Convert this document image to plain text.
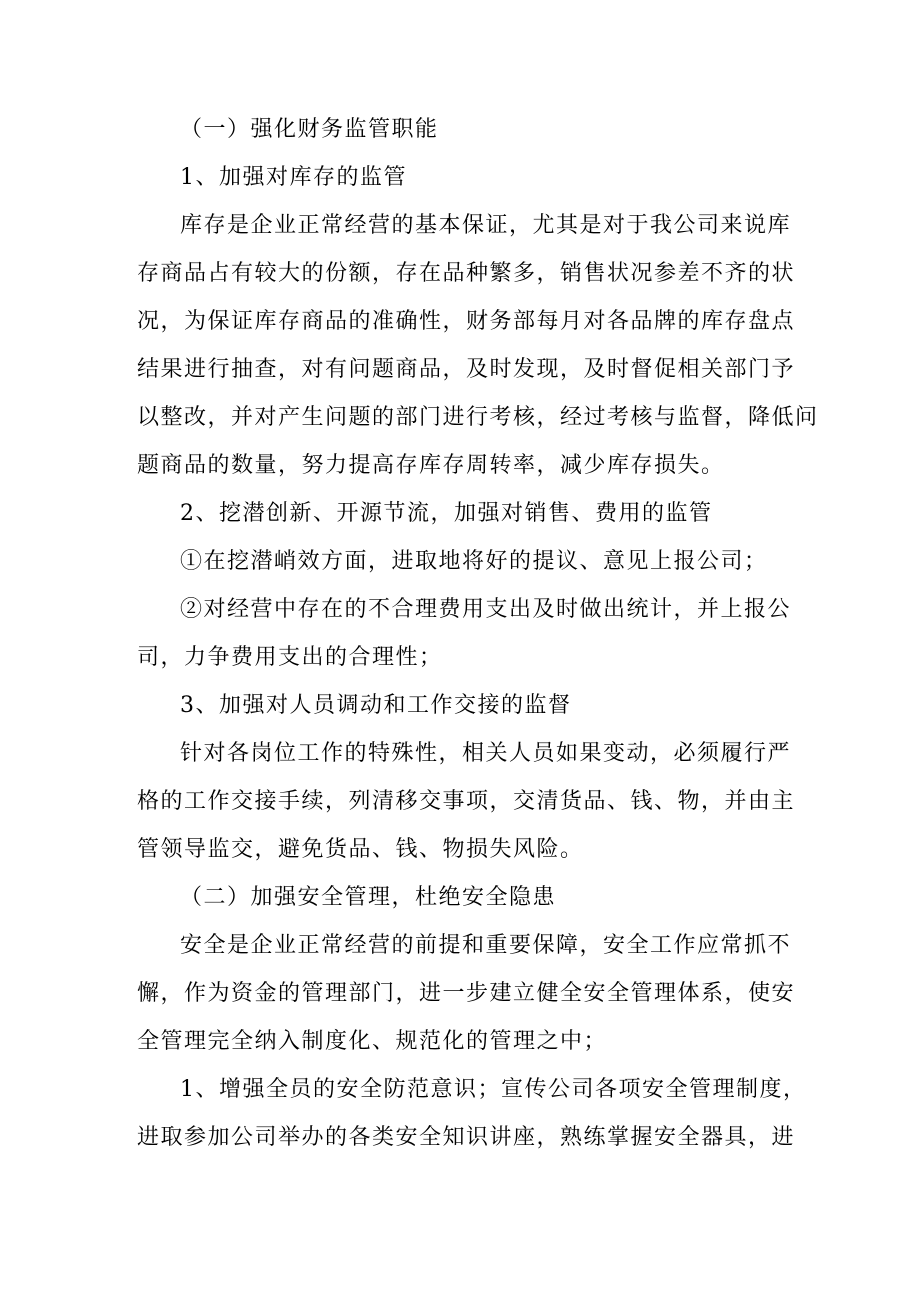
（一）强化财务监管职能
1、加强对库存的监管
库存是企业正常经营的基本保证，尤其是对于我公司来说库
存商品占有较大的份额，存在品种繁多，销售状况参差不齐的状
况，为保证库存商品的准确性，财务部每月对各品牌的库存盘点
结果进行抽查，对有问题商品，及时发现，及时督促相关部门予
以整改，并对产生问题的部门进行考核，经过考核与监督，降低问
题商品的数量，努力提高存库存周转率，减少库存损失。
2、挖潜创新、开源节流，加强对销售、费用的监管
①在挖潜峭效方面，进取地将好的提议、意见上报公司；
②对经营中存在的不合理费用支出及时做出统计，并上报公
司，力争费用支出的合理性；
3、加强对人员调动和工作交接的监督
针对各岗位工作的特殊性，相关人员如果变动，必须履行严
格的工作交接手续，列清移交事项，交清货品、钱、物，并由主
管领导监交，避免货品、钱、物损失风险。
（二）加强安全管理，杜绝安全隐患
安全是企业正常经营的前提和重要保障，安全工作应常抓不
懈，作为资金的管理部门，进一步建立健全安全管理体系，使安
全管理完全纳入制度化、规范化的管理之中；
1、增强全员的安全防范意识；宣传公司各项安全管理制度，
进取参加公司举办的各类安全知识讲座，熟练掌握安全器具，进
